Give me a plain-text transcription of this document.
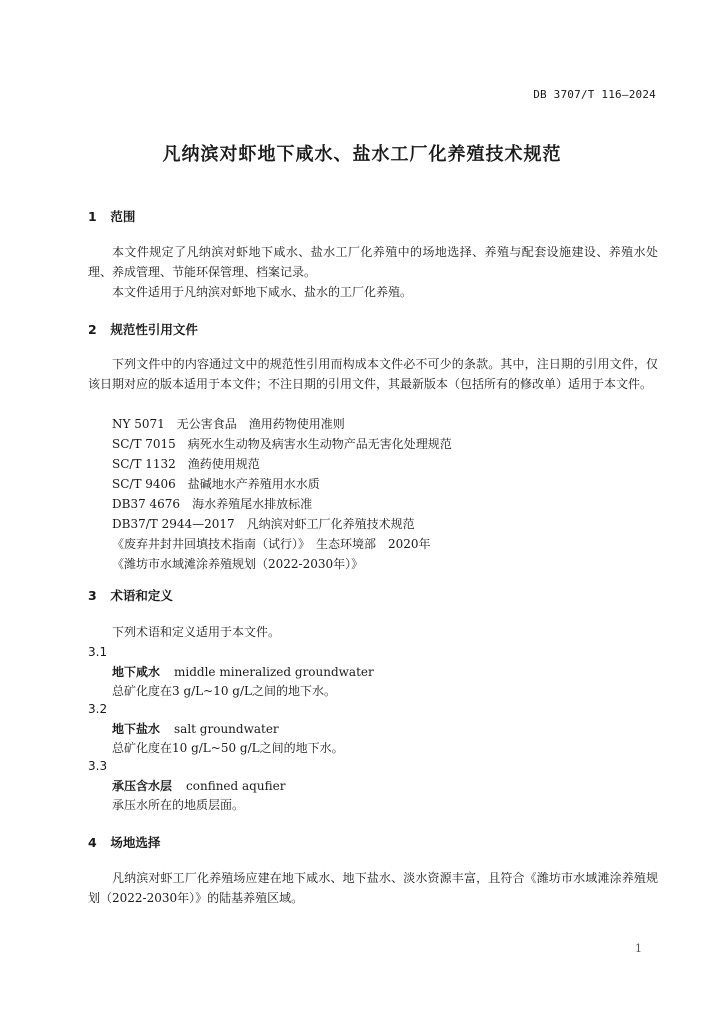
DB 3707/T 116—2024
凡纳滨对虾地下咸水、盐水工厂化养殖技术规范
1 范围
本文件规定了凡纳滨对虾地下咸水、盐水工厂化养殖中的场地选择、养殖与配套设施建设、养殖水处理、养成管理、节能环保管理、档案记录。
本文件适用于凡纳滨对虾地下咸水、盐水的工厂化养殖。
2 规范性引用文件
下列文件中的内容通过文中的规范性引用而构成本文件必不可少的条款。其中，注日期的引用文件，仅该日期对应的版本适用于本文件；不注日期的引用文件，其最新版本（包括所有的修改单）适用于本文件。
NY 5071　无公害食品　渔用药物使用准则
SC/T 7015　病死水生动物及病害水生动物产品无害化处理规范
SC/T 1132　渔药使用规范
SC/T 9406　盐碱地水产养殖用水水质
DB37 4676　海水养殖尾水排放标准
DB37/T 2944—2017　凡纳滨对虾工厂化养殖技术规范
《废弃井封井回填技术指南（试行）》　生态环境部　2020年
《潍坊市水域滩涂养殖规划（2022-2030年）》
3 术语和定义
下列术语和定义适用于本文件。
3.1
地下咸水 middle mineralized groundwater
总矿化度在3 g/L~10 g/L之间的地下水。
3.2
地下盐水 salt groundwater
总矿化度在10 g/L~50 g/L之间的地下水。
3.3
承压含水层 confined aqufier
承压水所在的地质层面。
4 场地选择
凡纳滨对虾工厂化养殖场应建在地下咸水、地下盐水、淡水资源丰富，且符合《潍坊市水域滩涂养殖规划（2022-2030年）》的陆基养殖区域。
1
